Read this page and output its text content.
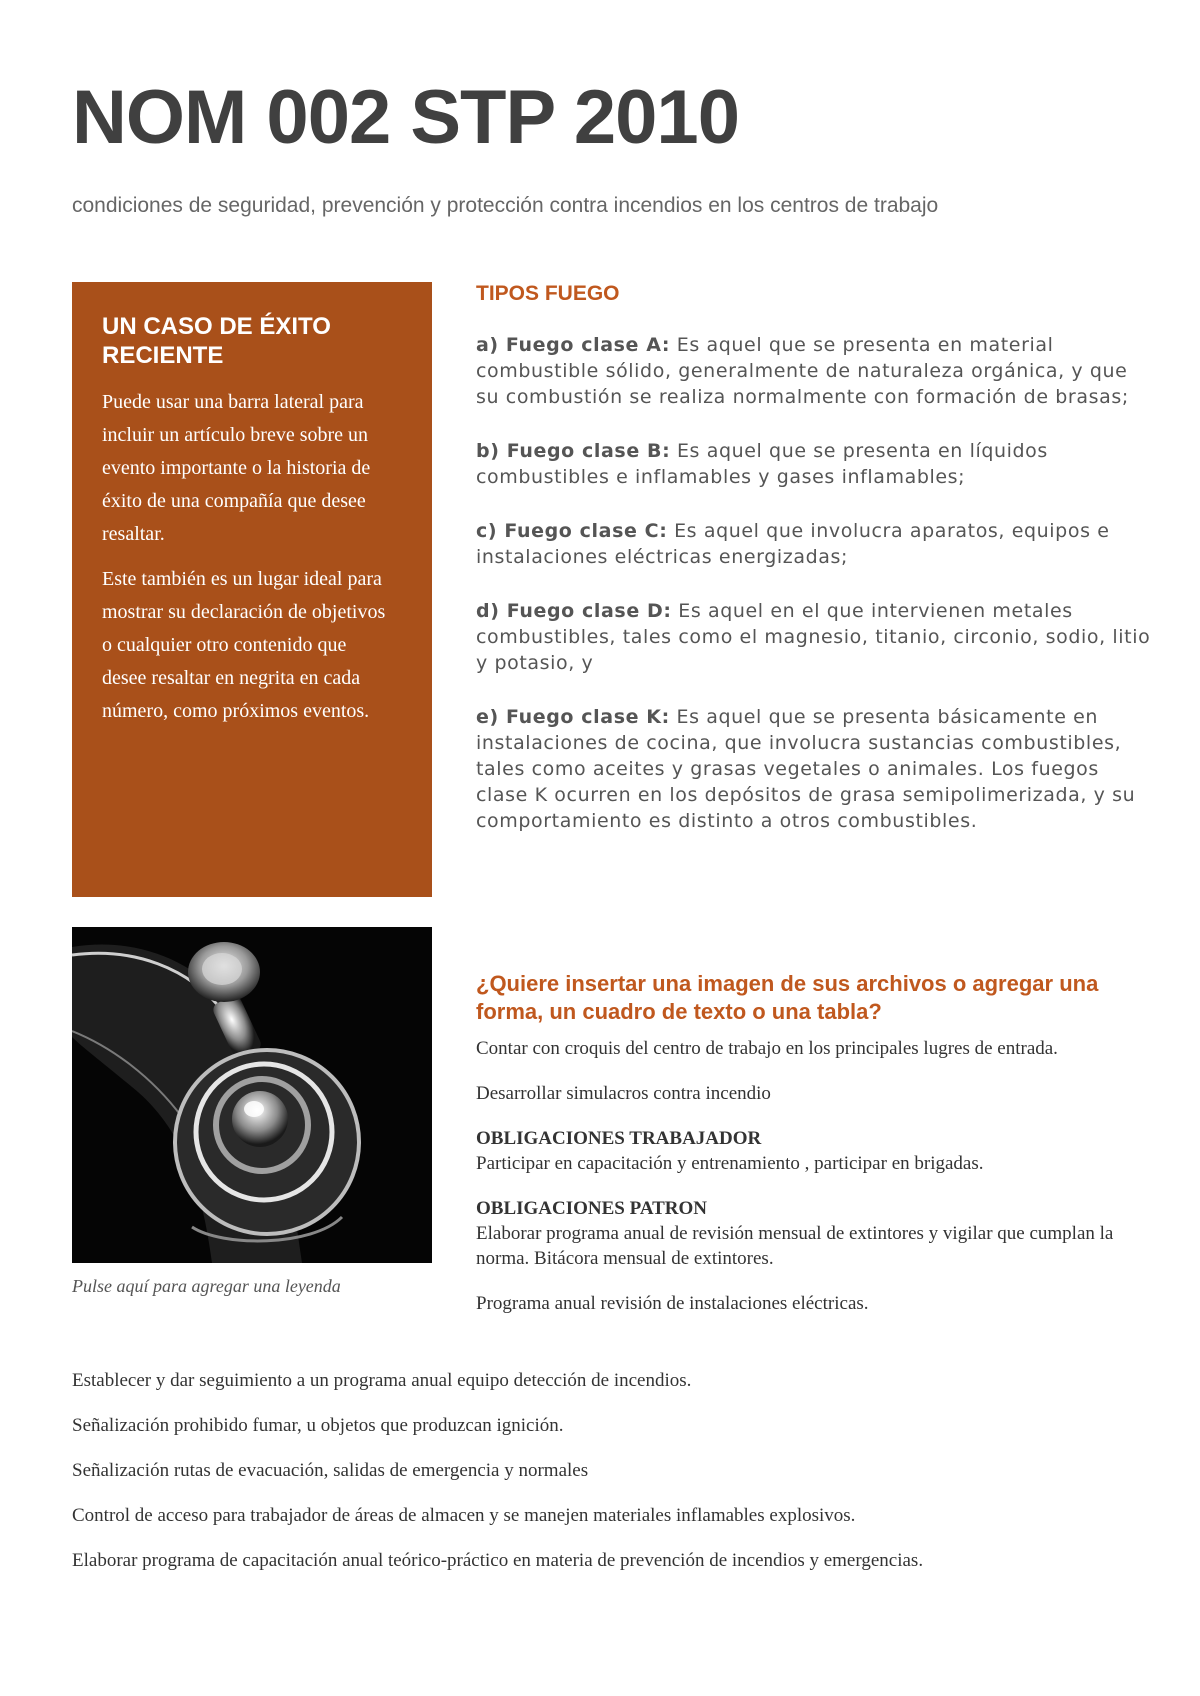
NOM 002 STP 2010
condiciones de seguridad, prevención y protección contra incendios en los centros de trabajo
UN CASO DE ÉXITO RECIENTE

Puede usar una barra lateral para incluir un artículo breve sobre un evento importante o la historia de éxito de una compañía que desee resaltar.

Este también es un lugar ideal para mostrar su declaración de objetivos o cualquier otro contenido que desee resaltar en negrita en cada número, como próximos eventos.

Pulse aquí para agregar una leyenda
TIPOS FUEGO

a) Fuego clase A: Es aquel que se presenta en material combustible sólido, generalmente de naturaleza orgánica, y que su combustión se realiza normalmente con formación de brasas;

b) Fuego clase B: Es aquel que se presenta en líquidos combustibles e inflamables y gases inflamables;

c) Fuego clase C: Es aquel que involucra aparatos, equipos e instalaciones eléctricas energizadas;

d) Fuego clase D: Es aquel en el que intervienen metales combustibles, tales como el magnesio, titanio, circonio, sodio, litio y potasio, y

e) Fuego clase K: Es aquel que se presenta básicamente en instalaciones de cocina, que involucra sustancias combustibles, tales como aceites y grasas vegetales o animales. Los fuegos clase K ocurren en los depósitos de grasa semipolimerizada, y su comportamiento es distinto a otros combustibles.

¿Quiere insertar una imagen de sus archivos o agregar una forma, un cuadro de texto o una tabla?

Contar con croquis del centro de trabajo en los principales lugres de entrada.

Desarrollar simulacros contra incendio

OBLIGACIONES TRABAJADOR
Participar en capacitación y entrenamiento , participar en brigadas.

OBLIGACIONES PATRON
Elaborar programa anual de revisión mensual de extintores y vigilar que cumplan la norma. Bitácora mensual de extintores.

Programa anual revisión de instalaciones eléctricas.

Establecer y dar seguimiento a un programa anual equipo detección de incendios.

Señalización prohibido fumar, u objetos que produzcan ignición.

Señalización rutas de evacuación, salidas de emergencia y normales

Control de acceso para trabajador de áreas de almacen y se manejen materiales inflamables explosivos.

Elaborar programa de capacitación anual teórico-práctico en materia de prevención de incendios y emergencias.
